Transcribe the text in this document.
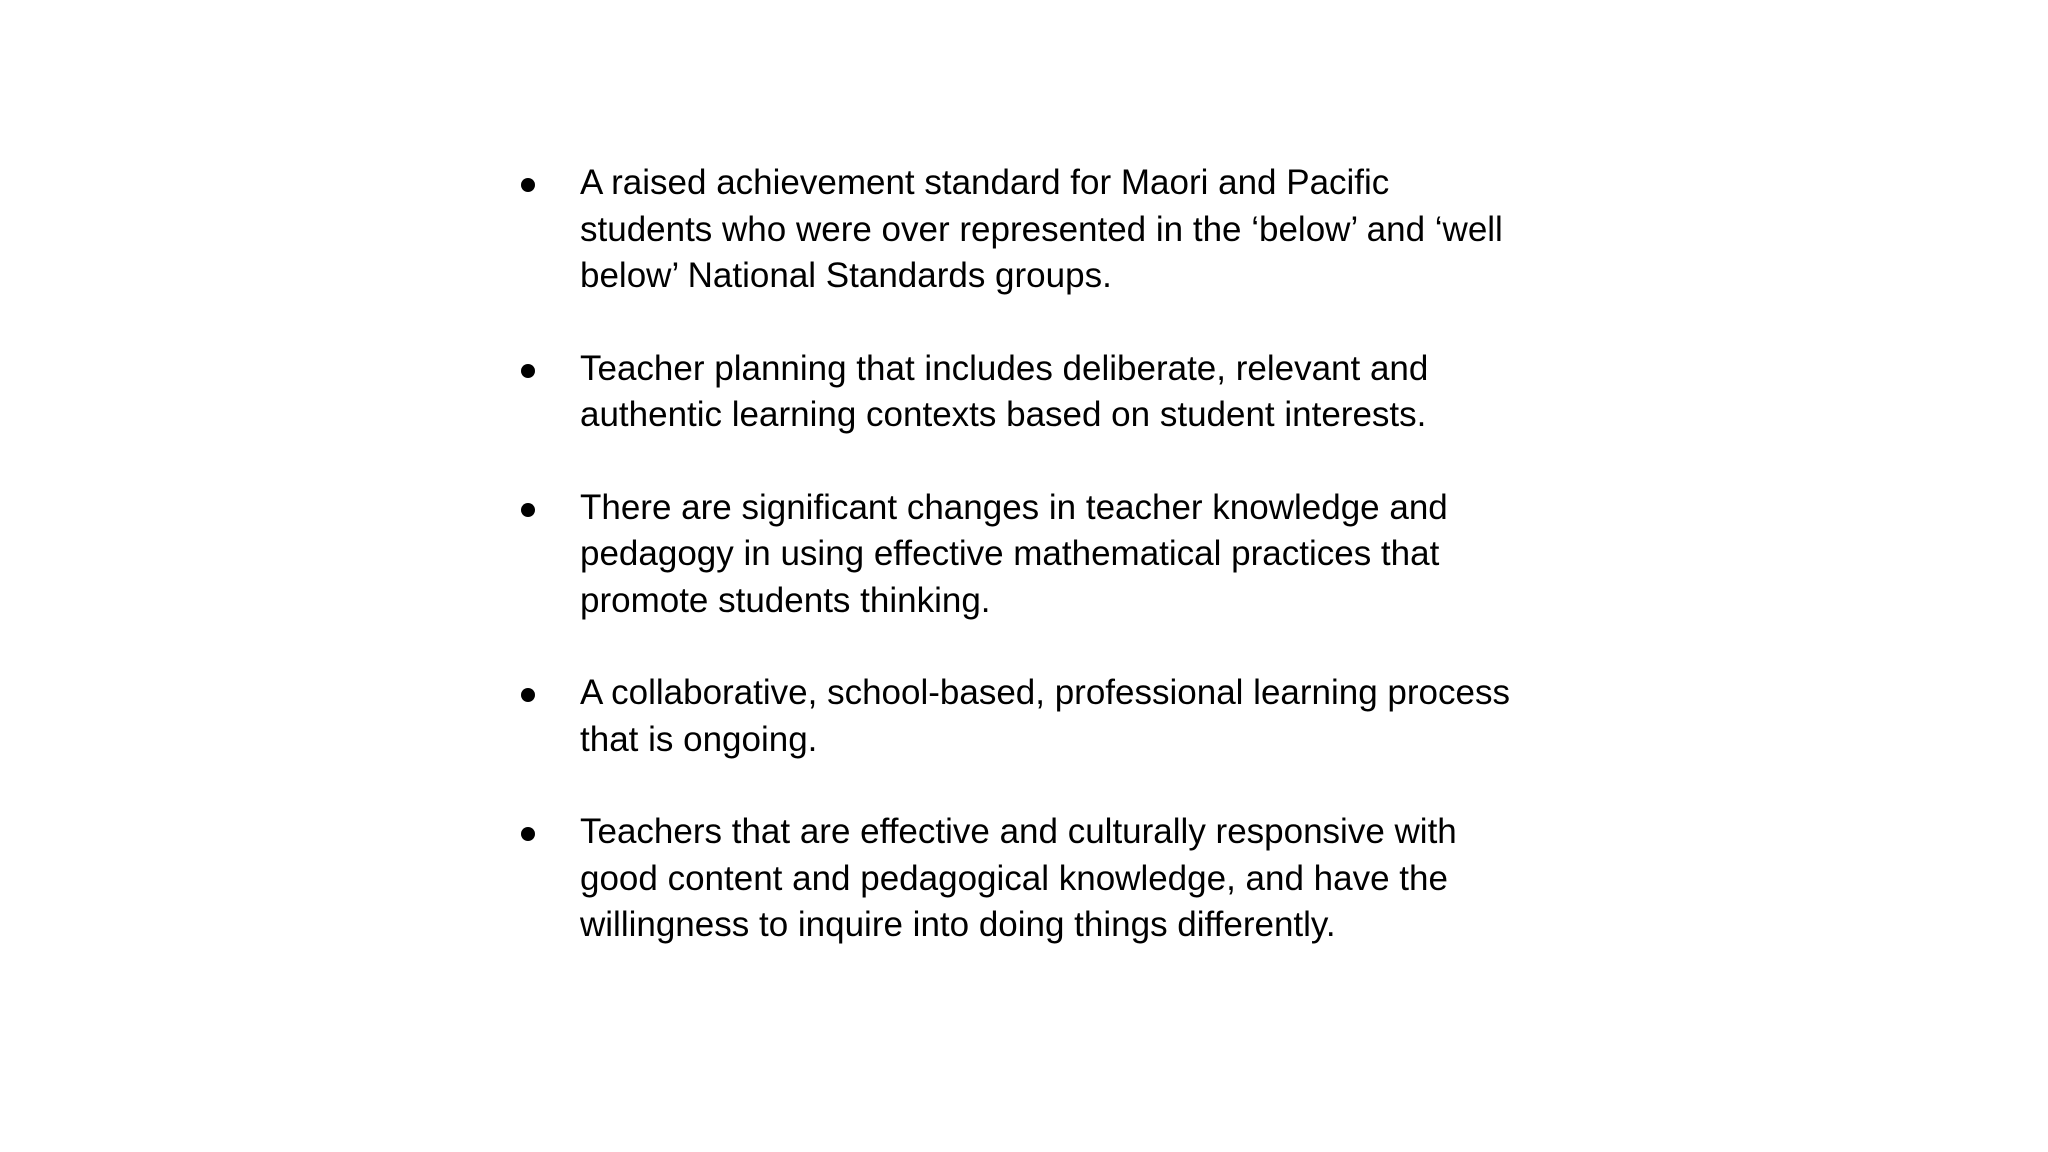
A raised achievement standard for Maori and Pacific students who were over represented in the ‘below’ and ‘well below’ National Standards groups.
Teacher planning that includes deliberate, relevant and authentic learning contexts based on student interests.
There are significant changes in teacher knowledge and pedagogy in using effective mathematical practices that promote students thinking.
A collaborative, school-based, professional learning process that is ongoing.
Teachers that are effective and culturally responsive with good content and pedagogical knowledge, and have the willingness to inquire into doing things differently.
